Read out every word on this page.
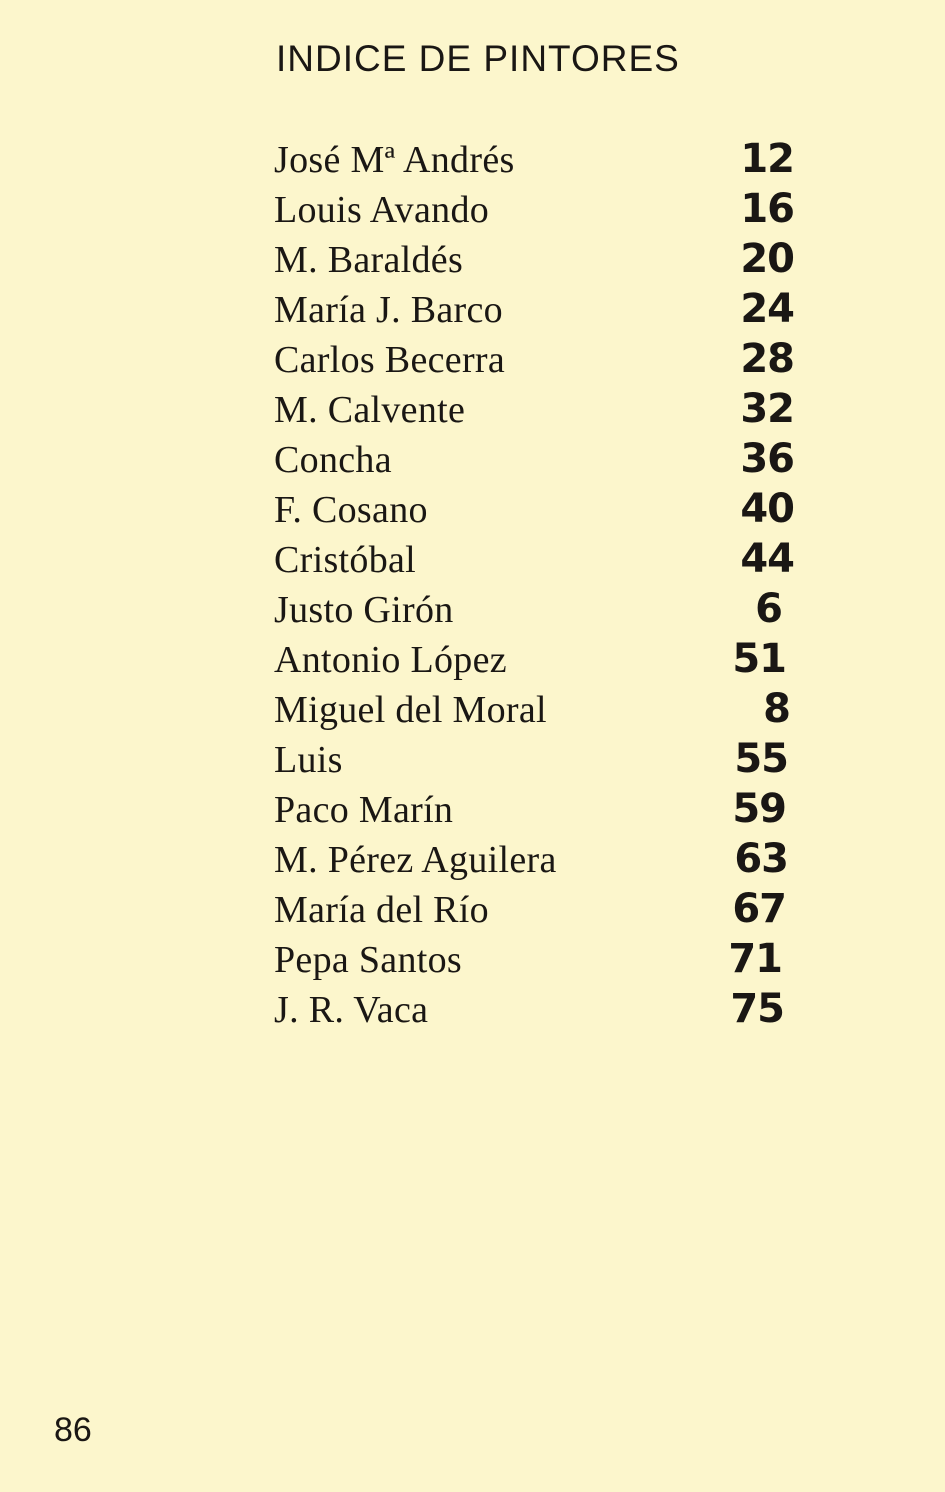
INDICE DE PINTORES
José Mª Andrés	12
Louis Avando	16
M. Baraldés	20
María J. Barco	24
Carlos Becerra	28
M. Calvente	32
Concha	36
F. Cosano	40
Cristóbal	44
Justo Girón	6
Antonio López	51
Miguel del Moral	8
Luis	55
Paco Marín	59
M. Pérez Aguilera	63
María del Río	67
Pepa Santos	71
J. R. Vaca	75
86
